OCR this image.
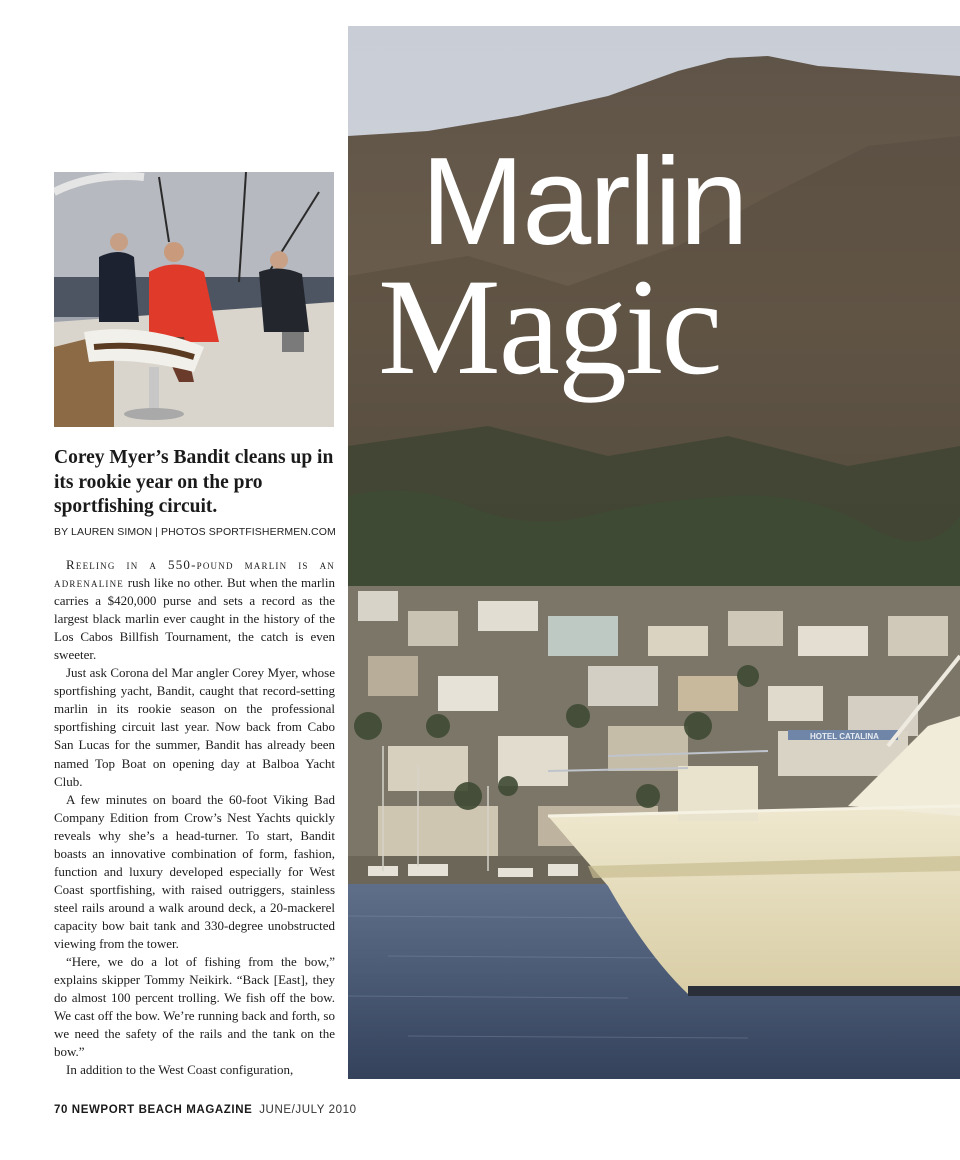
HOTEL CATALINA
Marlin
Magic
Corey Myer’s Bandit cleans up in its rookie year on the pro sportfishing circuit.
BY LAUREN SIMON | PHOTOS SPORTFISHERMEN.COM

Reeling in a 550-pound marlin is an adrenaline rush like no other. But when the marlin carries a $420,000 purse and sets a record as the largest black marlin ever caught in the history of the Los Cabos Billfish Tournament, the catch is even sweeter.

Just ask Corona del Mar angler Corey Myer, whose sportfishing yacht, Bandit, caught that record-setting marlin in its rookie season on the professional sportfishing circuit last year. Now back from Cabo San Lucas for the summer, Bandit has already been named Top Boat on opening day at Balboa Yacht Club.

A few minutes on board the 60-foot Viking Bad Company Edition from Crow’s Nest Yachts quickly reveals why she’s a head-turner. To start, Bandit boasts an innovative combination of form, fashion, function and luxury developed especially for West Coast sportfishing, with raised outriggers, stainless steel rails around a walk around deck, a 20-mackerel capacity bow bait tank and 330-degree unobstructed viewing from the tower.

“Here, we do a lot of fishing from the bow,” explains skipper Tommy Neikirk. “Back [East], they do almost 100 percent trolling. We fish off the bow. We cast off the bow. We’re running back and forth, so we need the safety of the rails and the tank on the bow.”

In addition to the West Coast configuration,

70 NEWPORT BEACH MAGAZINE JUNE/JULY 2010
